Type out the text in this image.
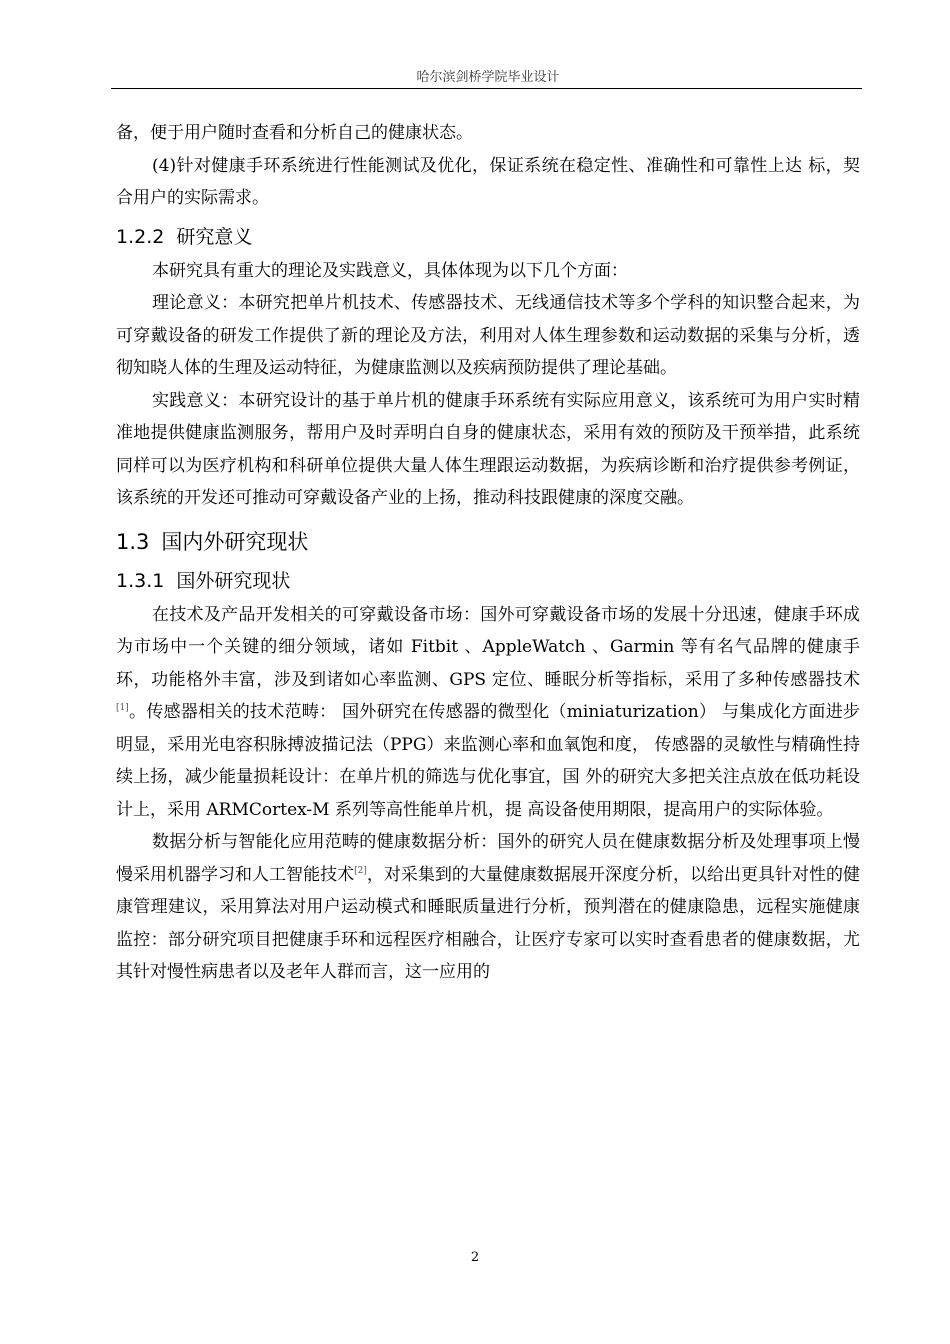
哈尔滨剑桥学院毕业设计

备，便于用户随时查看和分析自己的健康状态。

(4)针对健康手环系统进行性能测试及优化，保证系统在稳定性、准确性和可靠性上达 标，契合用户的实际需求。

1.2.2 研究意义

本研究具有重大的理论及实践意义，具体体现为以下几个方面：

理论意义：本研究把单片机技术、传感器技术、无线通信技术等多个学科的知识整合起来，为可穿戴设备的研发工作提供了新的理论及方法，利用对人体生理参数和运动数据的采集与分析，透彻知晓人体的生理及运动特征，为健康监测以及疾病预防提供了理论基础。

实践意义：本研究设计的基于单片机的健康手环系统有实际应用意义，该系统可为用户实时精准地提供健康监测服务，帮用户及时弄明白自身的健康状态，采用有效的预防及干预举措，此系统同样可以为医疗机构和科研单位提供大量人体生理跟运动数据，为疾病诊断和治疗提供参考例证，该系统的开发还可推动可穿戴设备产业的上扬，推动科技跟健康的深度交融。

1.3 国内外研究现状
1.3.1 国外研究现状

在技术及产品开发相关的可穿戴设备市场：国外可穿戴设备市场的发展十分迅速，健康手环成为市场中一个关键的细分领域，诸如 Fitbit 、AppleWatch 、Garmin 等有名气品牌的健康手环，功能格外丰富，涉及到诸如心率监测、GPS 定位、睡眠分析等指标，采用了多种传感器技术[1]。传感器相关的技术范畴： 国外研究在传感器的微型化（miniaturization） 与集成化方面进步明显，采用光电容积脉搏波描记法（PPG）来监测心率和血氧饱和度， 传感器的灵敏性与精确性持续上扬，减少能量损耗设计：在单片机的筛选与优化事宜，国 外的研究大多把关注点放在低功耗设计上，采用 ARMCortex-M 系列等高性能单片机，提 高设备使用期限，提高用户的实际体验。

数据分析与智能化应用范畴的健康数据分析：国外的研究人员在健康数据分析及处理事项上慢慢采用机器学习和人工智能技术[2]，对采集到的大量健康数据展开深度分析，以给出更具针对性的健康管理建议，采用算法对用户运动模式和睡眠质量进行分析，预判潜在的健康隐患，远程实施健康监控：部分研究项目把健康手环和远程医疗相融合，让医疗专家可以实时查看患者的健康数据，尤其针对慢性病患者以及老年人群而言，这一应用的

2
